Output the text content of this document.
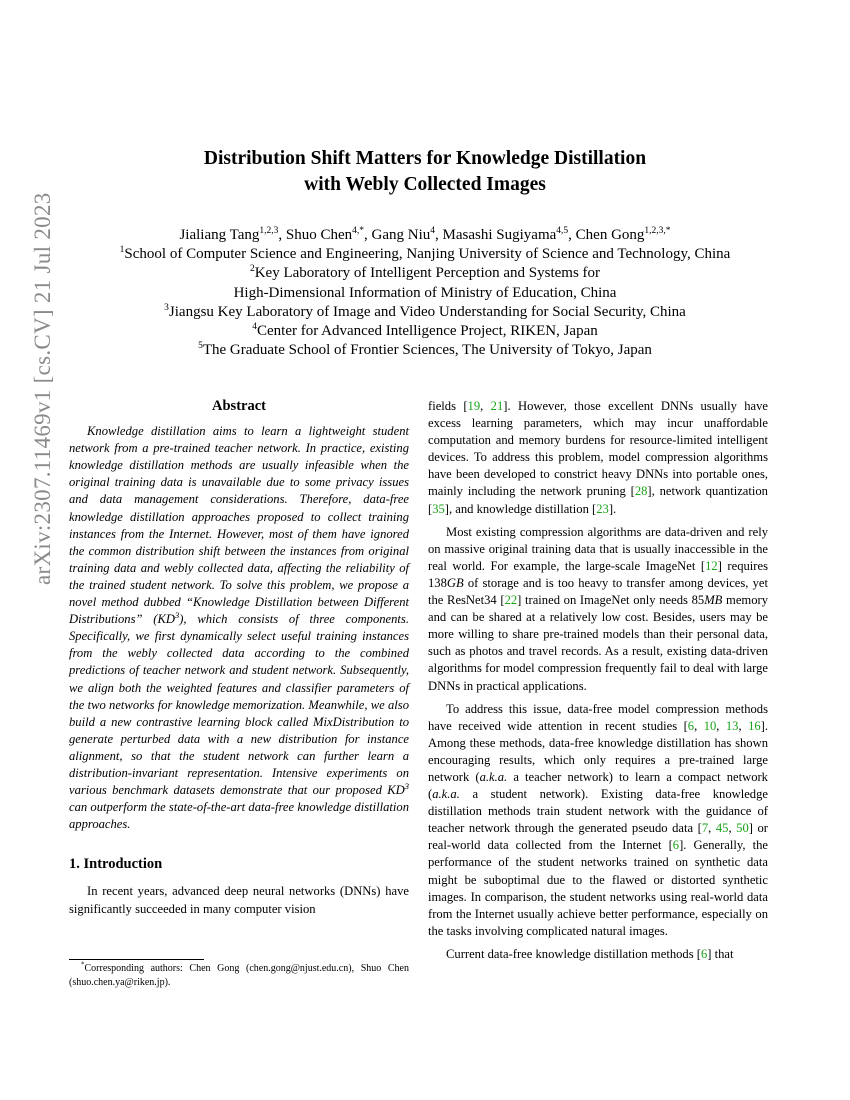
arXiv:2307.11469v1 [cs.CV] 21 Jul 2023
Distribution Shift Matters for Knowledge Distillation
with Webly Collected Images
Jialiang Tang$^{1,2,3}$, Shuo Chen$^{4,*}$, Gang Niu$^4$, Masashi Sugiyama$^{4,5}$, Chen Gong$^{1,2,3,*}$
$^1$School of Computer Science and Engineering, Nanjing University of Science and Technology, China
$^2$Key Laboratory of Intelligent Perception and Systems for
High-Dimensional Information of Ministry of Education, China
$^3$Jiangsu Key Laboratory of Image and Video Understanding for Social Security, China
$^4$Center for Advanced Intelligence Project, RIKEN, Japan
$^5$The Graduate School of Frontier Sciences, The University of Tokyo, Japan
Abstract

Knowledge distillation aims to learn a lightweight student network from a pre-trained teacher network. In practice, existing knowledge distillation methods are usually infeasible when the original training data is unavailable due to some privacy issues and data management considerations. Therefore, data-free knowledge distillation approaches proposed to collect training instances from the Internet. However, most of them have ignored the common distribution shift between the instances from original training data and webly collected data, affecting the reliability of the trained student network. To solve this problem, we propose a novel method dubbed “Knowledge Distillation between Different Distributions” $(KD^3)$, which consists of three components. Specifically, we first dynamically select useful training instances from the webly collected data according to the combined predictions of teacher network and student network. Subsequently, we align both the weighted features and classifier parameters of the two networks for knowledge memorization. Meanwhile, we also build a new contrastive learning block called MixDistribution to generate perturbed data with a new distribution for instance alignment, so that the student network can further learn a distribution-invariant representation. Intensive experiments on various benchmark datasets demonstrate that our proposed $KD^3$ can outperform the state-of-the-art data-free knowledge distillation approaches.

1. Introduction

In recent years, advanced deep neural networks (DNNs) have significantly succeeded in many computer vision

*Corresponding authors: Chen Gong (chen.gong@njust.edu.cn), Shuo Chen (shuo.chen.ya@riken.jp).

fields [19, 21]. However, those excellent DNNs usually have excess learning parameters, which may incur unaffordable computation and memory burdens for resource-limited intelligent devices. To address this problem, model compression algorithms have been developed to constrict heavy DNNs into portable ones, mainly including the network pruning [28], network quantization [35], and knowledge distillation [23].

Most existing compression algorithms are data-driven and rely on massive original training data that is usually inaccessible in the real world. For example, the large-scale ImageNet [12] requires 138GB of storage and is too heavy to transfer among devices, yet the ResNet34 [22] trained on ImageNet only needs 85MB memory and can be shared at a relatively low cost. Besides, users may be more willing to share pre-trained models than their personal data, such as photos and travel records. As a result, existing data-driven algorithms for model compression frequently fail to deal with large DNNs in practical applications.

To address this issue, data-free model compression methods have received wide attention in recent studies [6, 10, 13, 16]. Among these methods, data-free knowledge distillation has shown encouraging results, which only requires a pre-trained large network (a.k.a. a teacher network) to learn a compact network (a.k.a. a student network). Existing data-free knowledge distillation methods train student network with the guidance of teacher network through the generated pseudo data [7, 45, 50] or real-world data collected from the Internet [6]. Generally, the performance of the student networks trained on synthetic data might be suboptimal due to the flawed or distorted synthetic images. In comparison, the student networks using real-world data from the Internet usually achieve better performance, especially on the tasks involving complicated natural images.

Current data-free knowledge distillation methods [6] that
